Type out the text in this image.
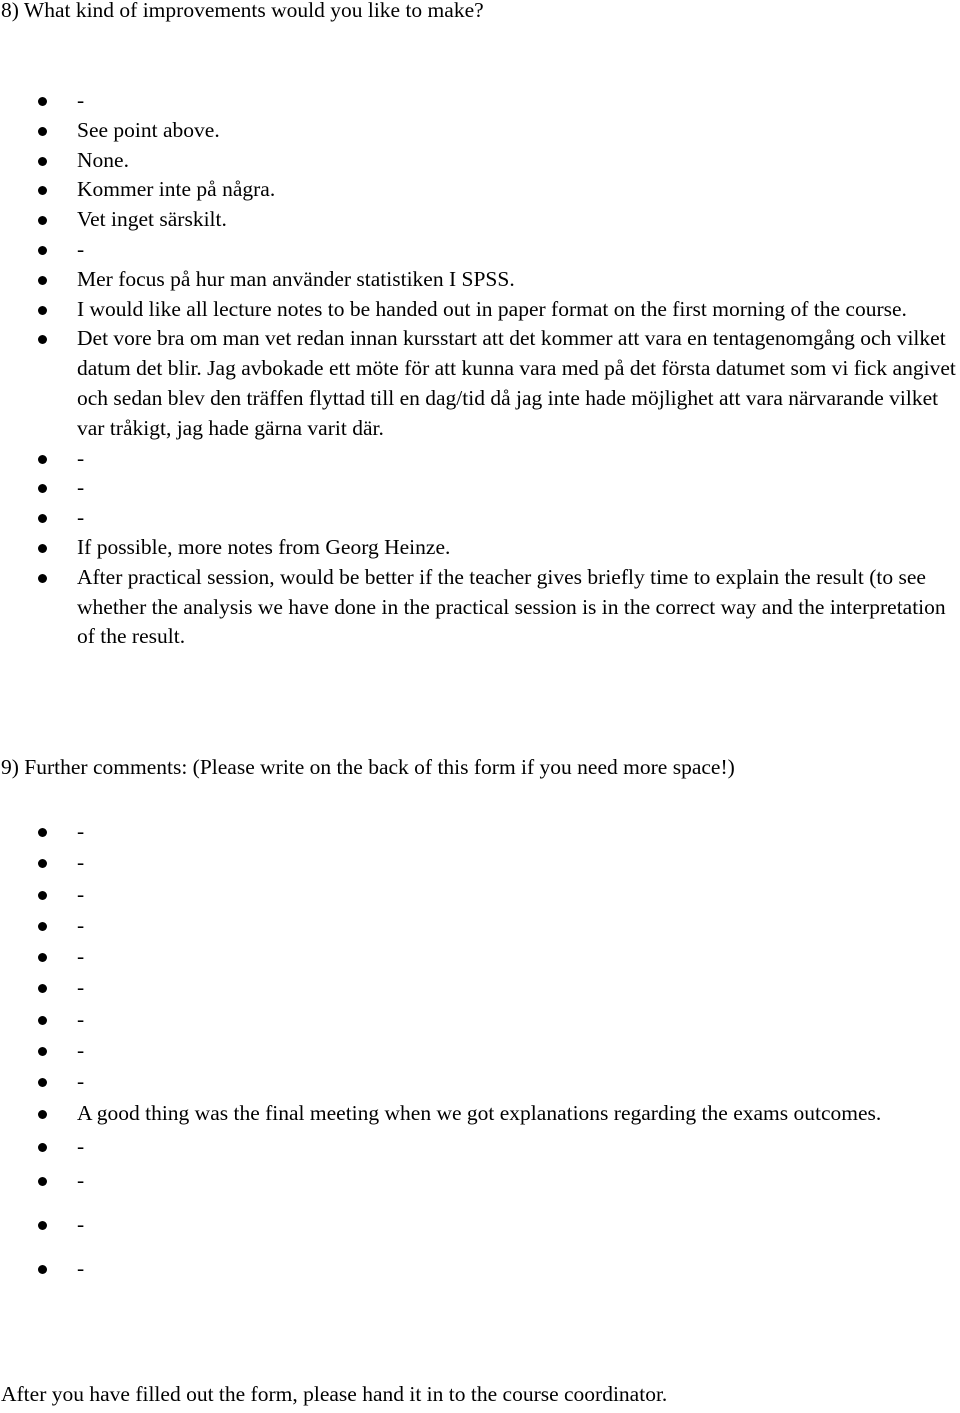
8) What kind of improvements would you like to make?
-
See point above.
None.
Kommer inte på några.
Vet inget särskilt.
-
Mer focus på hur man använder statistiken I SPSS.
I would like all lecture notes to be handed out in paper format on the first morning of the course.
Det vore bra om man vet redan innan kursstart att det kommer att vara en tentagenomgång och vilket datum det blir. Jag avbokade ett möte för att kunna vara med på det första datumet som vi fick angivet och sedan blev den träffen flyttad till en dag/tid då jag inte hade möjlighet att vara närvarande vilket var tråkigt, jag hade gärna varit där.
-
-
-
If possible, more notes from Georg Heinze.
After practical session, would be better if the teacher gives briefly time to explain the result (to see whether the analysis we have done in the practical session is in the correct way and the interpretation of the result.
9) Further comments: (Please write on the back of this form if you need more space!)
-
-
-
-
-
-
-
-
-
A good thing was the final meeting when we got explanations regarding the exams outcomes.
-
-
-
-

After you have filled out the form, please hand it in to the course coordinator.
